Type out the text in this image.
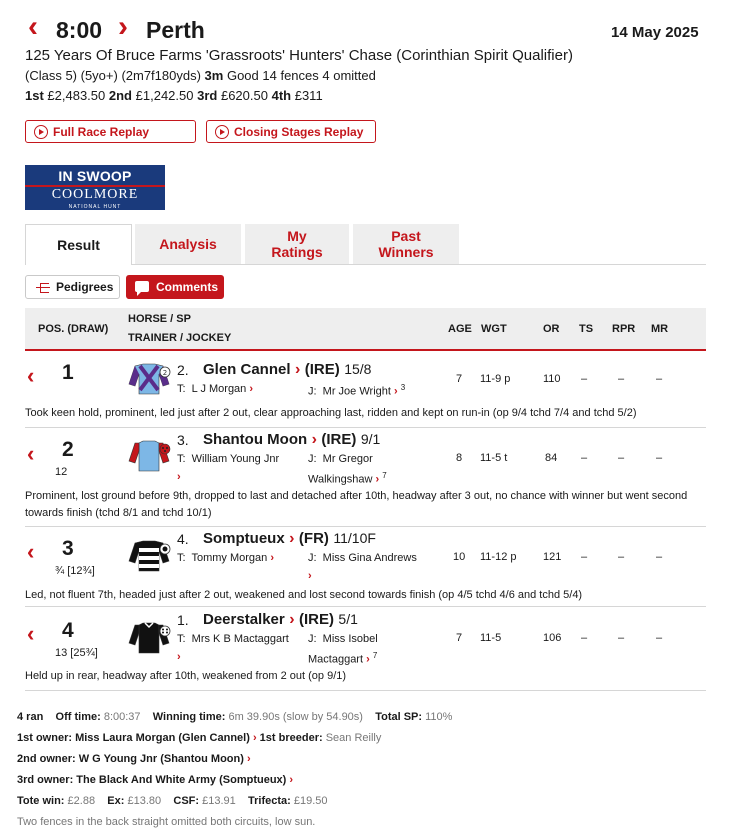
‹ 8:00 › Perth	14 May 2025
125 Years Of Bruce Farms 'Grassroots' Hunters' Chase (Corinthian Spirit Qualifier)
(Class 5) (5yo+) (2m7f180yds) 3m Good 14 fences 4 omitted
1st £2,483.50 2nd £1,242.50 3rd £620.50 4th £311
Full Race Replay	Closing Stages Replay
IN SWOOP
COOLMORE
NATIONAL HUNT
Result	Analysis	My Ratings
Past Winners
Pedigrees	Comments
POS. (DRAW)
HORSE / SP
TRAINER / JOCKEY
AGE WGT	OR TS RPR MR
‹ 1	2 2. Glen Cannel › (IRE) 15/8
T:  L J Morgan ›	J:  Mr Joe Wright › $^3$
7 11-9 p	110 –	–	–
Took keen hold, prominent, led just after 2 out, clear approaching last, ridden and kept on run-in (op 9/4 tchd 7/4 and tchd 5/2)
‹ 2
12
3. Shantou Moon › (IRE) 9/1
T:  William Young Jnr
›
J:  Mr Gregor
Walkingshaw › $^7$
8 11-5 t	84 –	–	–
Prominent, lost ground before 9th, dropped to last and detached after 10th, headway after 3 out, no chance with winner but went second towards finish (tchd 8/1 and tchd 10/1)
‹ 3
¾ [12¾]
4. Somptueux › (FR) 11/10F
T:  Tommy Morgan ›	J:  Miss Gina Andrews
›
10 11-12 p 121 –	–	–
Led, not fluent 7th, headed just after 2 out, weakened and lost second towards finish (op 4/5 tchd 4/6 and tchd 5/4)
‹ 4
13 [25¾]
1. Deerstalker › (IRE) 5/1
T:  Mrs K B Mactaggart
›
J:  Miss Isobel
Mactaggart › $^7$
7 11-5	106 –	–	–
Held up in rear, headway after 10th, weakened from 2 out (op 9/1)
4 ran Off time: 8:00:37 Winning time: 6m 39.90s (slow by 54.90s) Total SP: 110%
1st owner: Miss Laura Morgan (Glen Cannel) › 1st breeder: Sean Reilly
2nd owner: W G Young Jnr (Shantou Moon) ›
3rd owner: The Black And White Army (Somptueux) ›
Tote win: £2.88 Ex: £13.80 CSF: £13.91 Trifecta: £19.50
Two fences in the back straight omitted both circuits, low sun.
